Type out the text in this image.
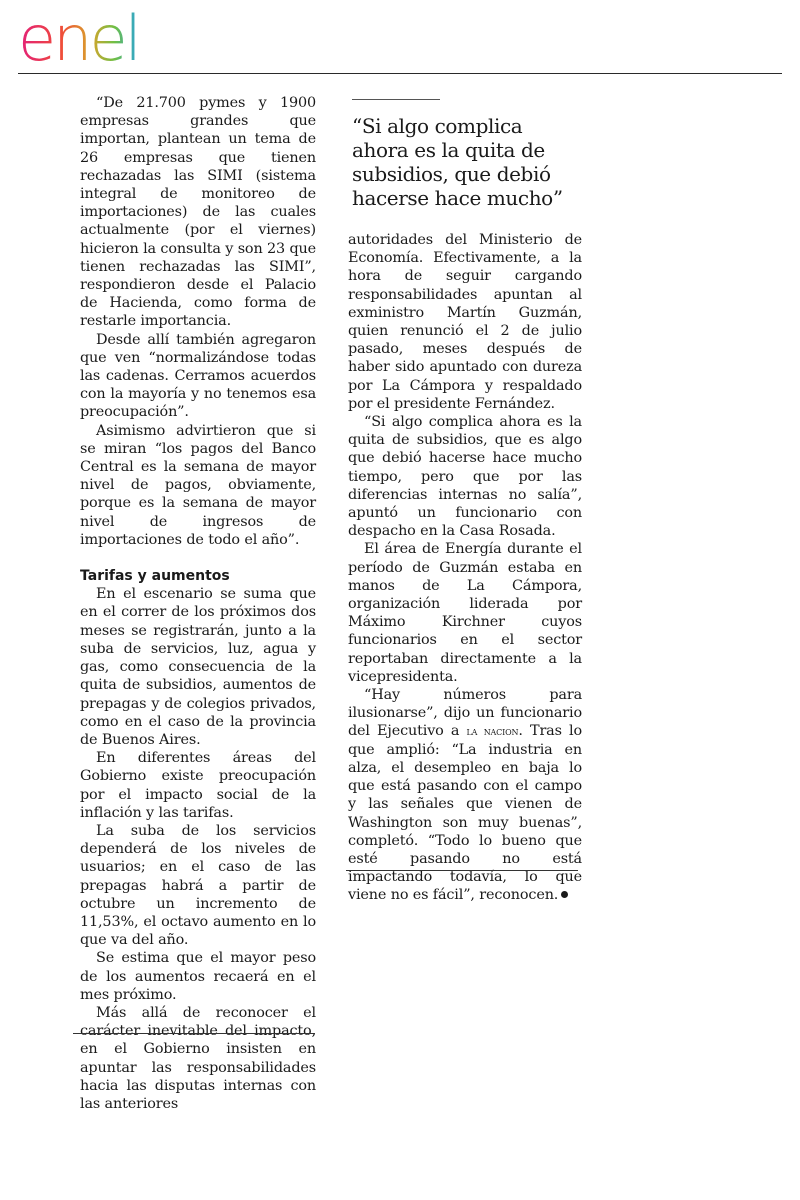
enel

“De 21.700 pymes y 1900 empresas grandes que importan, plantean un tema de 26 empresas que tienen rechazadas las SIMI (sistema integral de monitoreo de importaciones) de las cuales actualmente (por el viernes) hicieron la consulta y son 23 que tienen rechazadas las SIMI”, respondieron desde el Palacio de Hacienda, como forma de restarle importancia.

Desde allí también agregaron que ven “normalizándose todas las cadenas. Cerramos acuerdos con la mayoría y no tenemos esa preocupación”.

Asimismo advirtieron que si se miran “los pagos del Banco Central es la semana de mayor nivel de pagos, obviamente, porque es la semana de mayor nivel de ingresos de importaciones de todo el año”.

Tarifas y aumentos

En el escenario se suma que en el correr de los próximos dos meses se registrarán, junto a la suba de servicios, luz, agua y gas, como consecuencia de la quita de subsidios, aumentos de prepagas y de colegios privados, como en el caso de la provincia de Buenos Aires.

En diferentes áreas del Gobierno existe preocupación por el impacto social de la inflación y las tarifas.

La suba de los servicios dependerá de los niveles de usuarios; en el caso de las prepagas habrá a partir de octubre un incremento de 11,53%, el octavo aumento en lo que va del año.

Se estima que el mayor peso de los aumentos recaerá en el mes próximo.

Más allá de reconocer el carácter inevitable del impacto, en el Gobierno insisten en apuntar las responsabilidades hacia las disputas internas con las anteriores

“Si algo complica ahora es la quita de subsidios, que debió hacerse hace mucho”

autoridades del Ministerio de Economía. Efectivamente, a la hora de seguir cargando responsabilidades apuntan al exministro Martín Guzmán, quien renunció el 2 de julio pasado, meses después de haber sido apuntado con dureza por La Cámpora y respaldado por el presidente Fernández.

“Si algo complica ahora es la quita de subsidios, que es algo que debió hacerse hace mucho tiempo, pero que por las diferencias internas no salía”, apuntó un funcionario con despacho en la Casa Rosada.

El área de Energía durante el período de Guzmán estaba en manos de La Cámpora, organización liderada por Máximo Kirchner cuyos funcionarios en el sector reportaban directamente a la vicepresidenta.

“Hay números para ilusionarse”, dijo un funcionario del Ejecutivo a la nacion. Tras lo que amplió: “La industria en alza, el desempleo en baja lo que está pasando con el campo y las señales que vienen de Washington son muy buenas”, completó. “Todo lo bueno que esté pasando no está impactando todavía, lo que viene no es fácil”, reconocen.
